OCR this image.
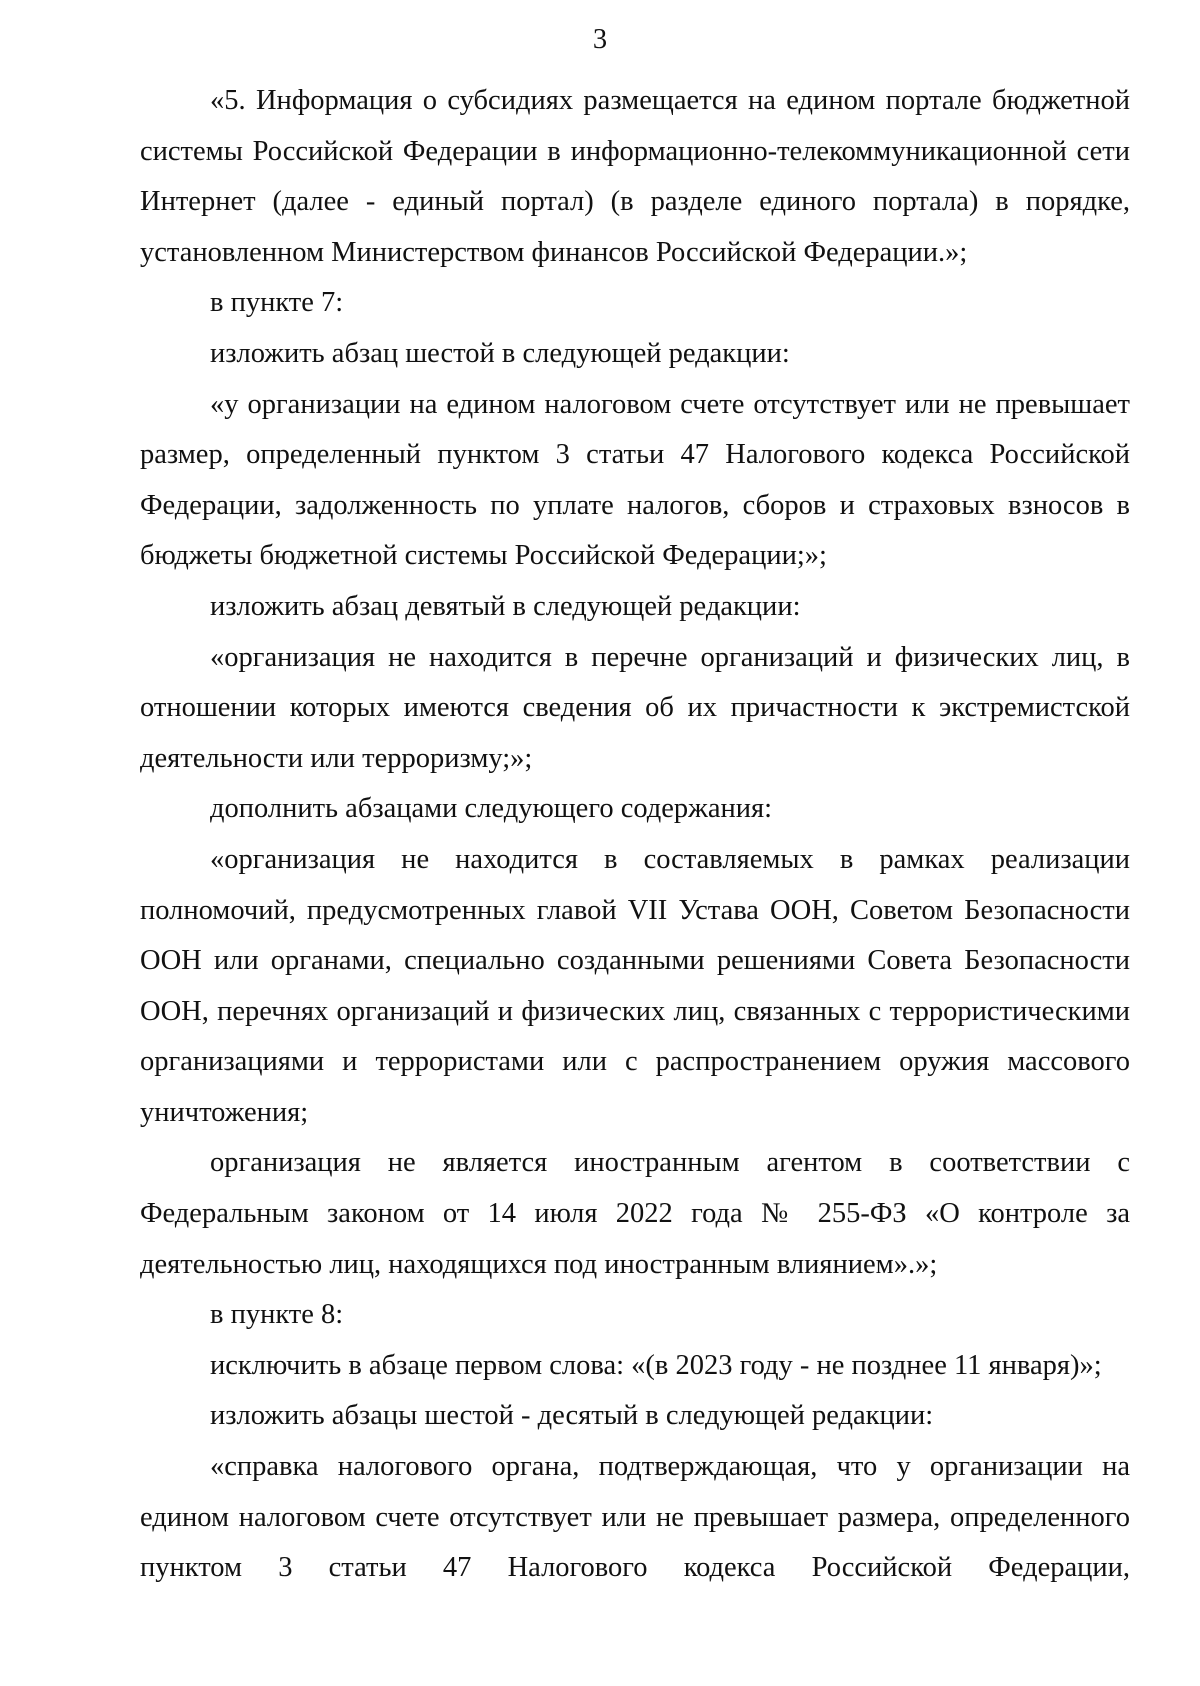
3

«5. Информация о субсидиях размещается на едином портале бюджетной системы Российской Федерации в информационно-телекоммуникационной сети Интернет (далее - единый портал) (в разделе единого портала) в порядке, установленном Министерством финансов Российской Федерации.»;

в пункте 7:

изложить абзац шестой в следующей редакции:

«у организации на едином налоговом счете отсутствует или не превышает размер, определенный пунктом 3 статьи 47 Налогового кодекса Российской Федерации, задолженность по уплате налогов, сборов и страховых взносов в бюджеты бюджетной системы Российской Федерации;»;

изложить абзац девятый в следующей редакции:

«организация не находится в перечне организаций и физических лиц, в отношении которых имеются сведения об их причастности к экстремистской деятельности или терроризму;»;

дополнить абзацами следующего содержания:

«организация не находится в составляемых в рамках реализации полномочий, предусмотренных главой VII Устава ООН, Советом Безопасности ООН или органами, специально созданными решениями Совета Безопасности ООН, перечнях организаций и физических лиц, связанных с террористическими организациями и террористами или с распространением оружия массового уничтожения;

организация не является иностранным агентом в соответствии с Федеральным законом от 14 июля 2022 года № 255-ФЗ «О контроле за деятельностью лиц, находящихся под иностранным влиянием».»;

в пункте 8:

исключить в абзаце первом слова: «(в 2023 году - не позднее 11 января)»;

изложить абзацы шестой - десятый в следующей редакции:

«справка налогового органа, подтверждающая, что у организации на едином налоговом счете отсутствует или не превышает размера, определенного пунктом 3 статьи 47 Налогового кодекса Российской Федерации,
